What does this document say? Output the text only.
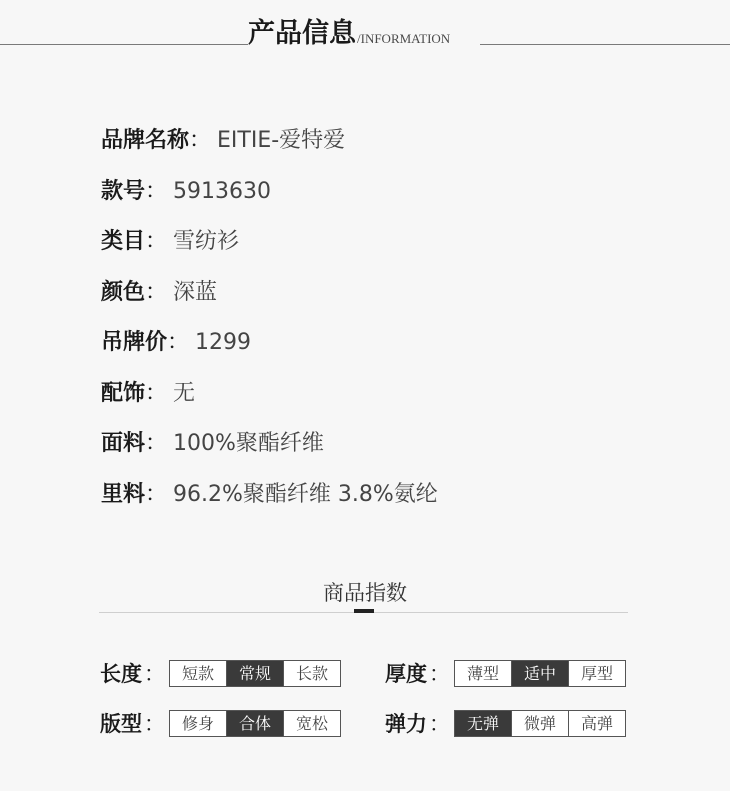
产品信息 /INFORMATION
品牌名称 ： EITIE-爱特爱
款号 ： 5913630
类目 ： 雪纺衫
颜色 ： 深蓝
吊牌价 ： 1299
配饰 ： 无
面料 ： 100%聚酯纤维
里料 ： 96.2%聚酯纤维 3.8%氨纶
商品指数
长度 ：	短款	常规	长款	厚度 ：	薄型	适中	厚型
版型 ：	修身	合体	宽松	弹力 ：	无弹	微弹	高弹
